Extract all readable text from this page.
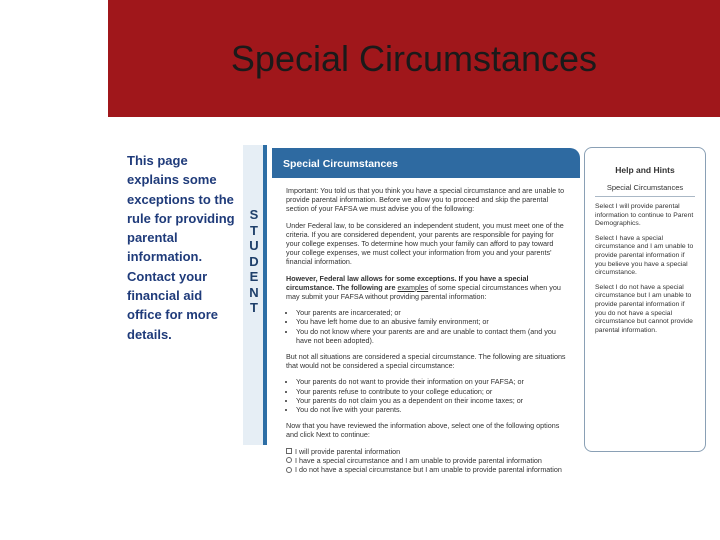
Special Circumstances
This page explains some exceptions to the rule for providing parental information. Contact your financial aid office for more details.
S
T
U
D
E
N
T
Special Circumstances

Important: You told us that you think you have a special circumstance and are unable to provide parental information. Before we allow you to proceed and skip the parental section of your FAFSA we must advise you of the following:

Under Federal law, to be considered an independent student, you must meet one of the criteria. If you are considered dependent, your parents are responsible for paying for your college expenses. To determine how much your family can afford to pay toward your college expenses, we must collect your information from you and your parents' financial information.

However, Federal law allows for some exceptions. If you have a special circumstance. The following are examples of some special circumstances when you may submit your FAFSA without providing parental information:

• Your parents are incarcerated; or
• You have left home due to an abusive family environment; or
• You do not know where your parents are and are unable to contact them (and you have not been adopted).

But not all situations are considered a special circumstance. The following are situations that would not be considered a special circumstance:

• Your parents do not want to provide their information on your FAFSA; or
• Your parents refuse to contribute to your college education; or
• Your parents do not claim you as a dependent on their income taxes; or
• You do not live with your parents.

Now that you have reviewed the information above, select one of the following options and click Next to continue:

I will provide parental information
I have a special circumstance and I am unable to provide parental information
I do not have a special circumstance but I am unable to provide parental information
Help and Hints
Special Circumstances

Select I will provide parental information to continue to Parent Demographics.

Select I have a special circumstance and I am unable to provide parental information if you believe you have a special circumstance.

Select I do not have a special circumstance but I am unable to provide parental information if you do not have a special circumstance but cannot provide parental information.
